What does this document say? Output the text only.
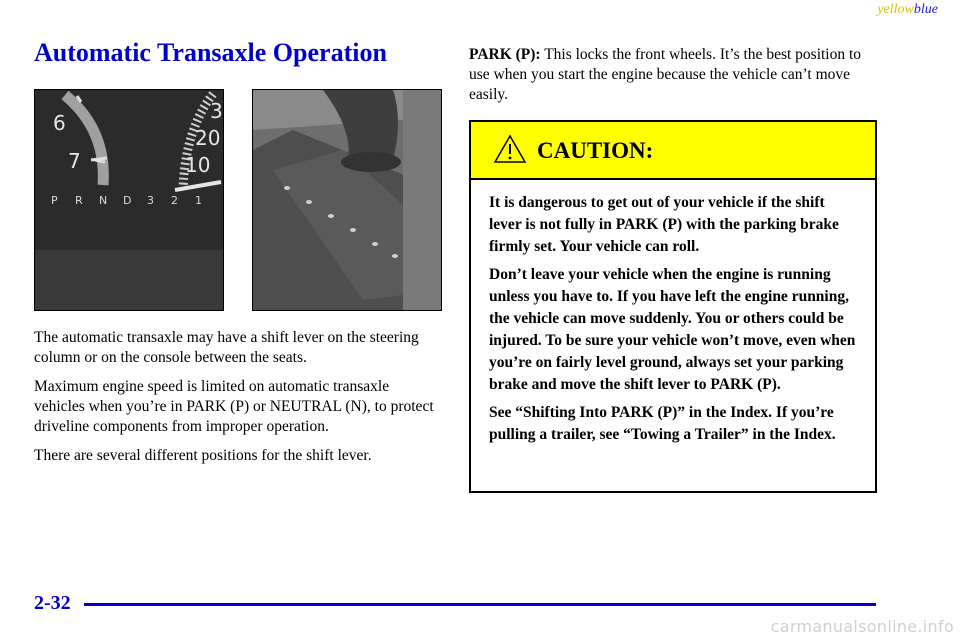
yellowblue
Automatic Transaxle Operation
6
7
3
20
10
P R N D 3 2 1

The automatic transaxle may have a shift lever on the steering column or on the console between the seats.

Maximum engine speed is limited on automatic transaxle vehicles when you’re in PARK (P) or NEUTRAL (N), to protect driveline components from improper operation.

There are several different positions for the shift lever.

PARK (P): This locks the front wheels. It’s the best position to use when you start the engine because the vehicle can’t move easily.

CAUTION:

It is dangerous to get out of your vehicle if the shift lever is not fully in PARK (P) with the parking brake firmly set. Your vehicle can roll.

Don’t leave your vehicle when the engine is running unless you have to. If you have left the engine running, the vehicle can move suddenly. You or others could be injured. To be sure your vehicle won’t move, even when you’re on fairly level ground, always set your parking brake and move the shift lever to PARK (P).

See “Shifting Into PARK (P)” in the Index. If you’re pulling a trailer, see “Towing a Trailer” in the Index.

2-32
carmanualsonline.info
